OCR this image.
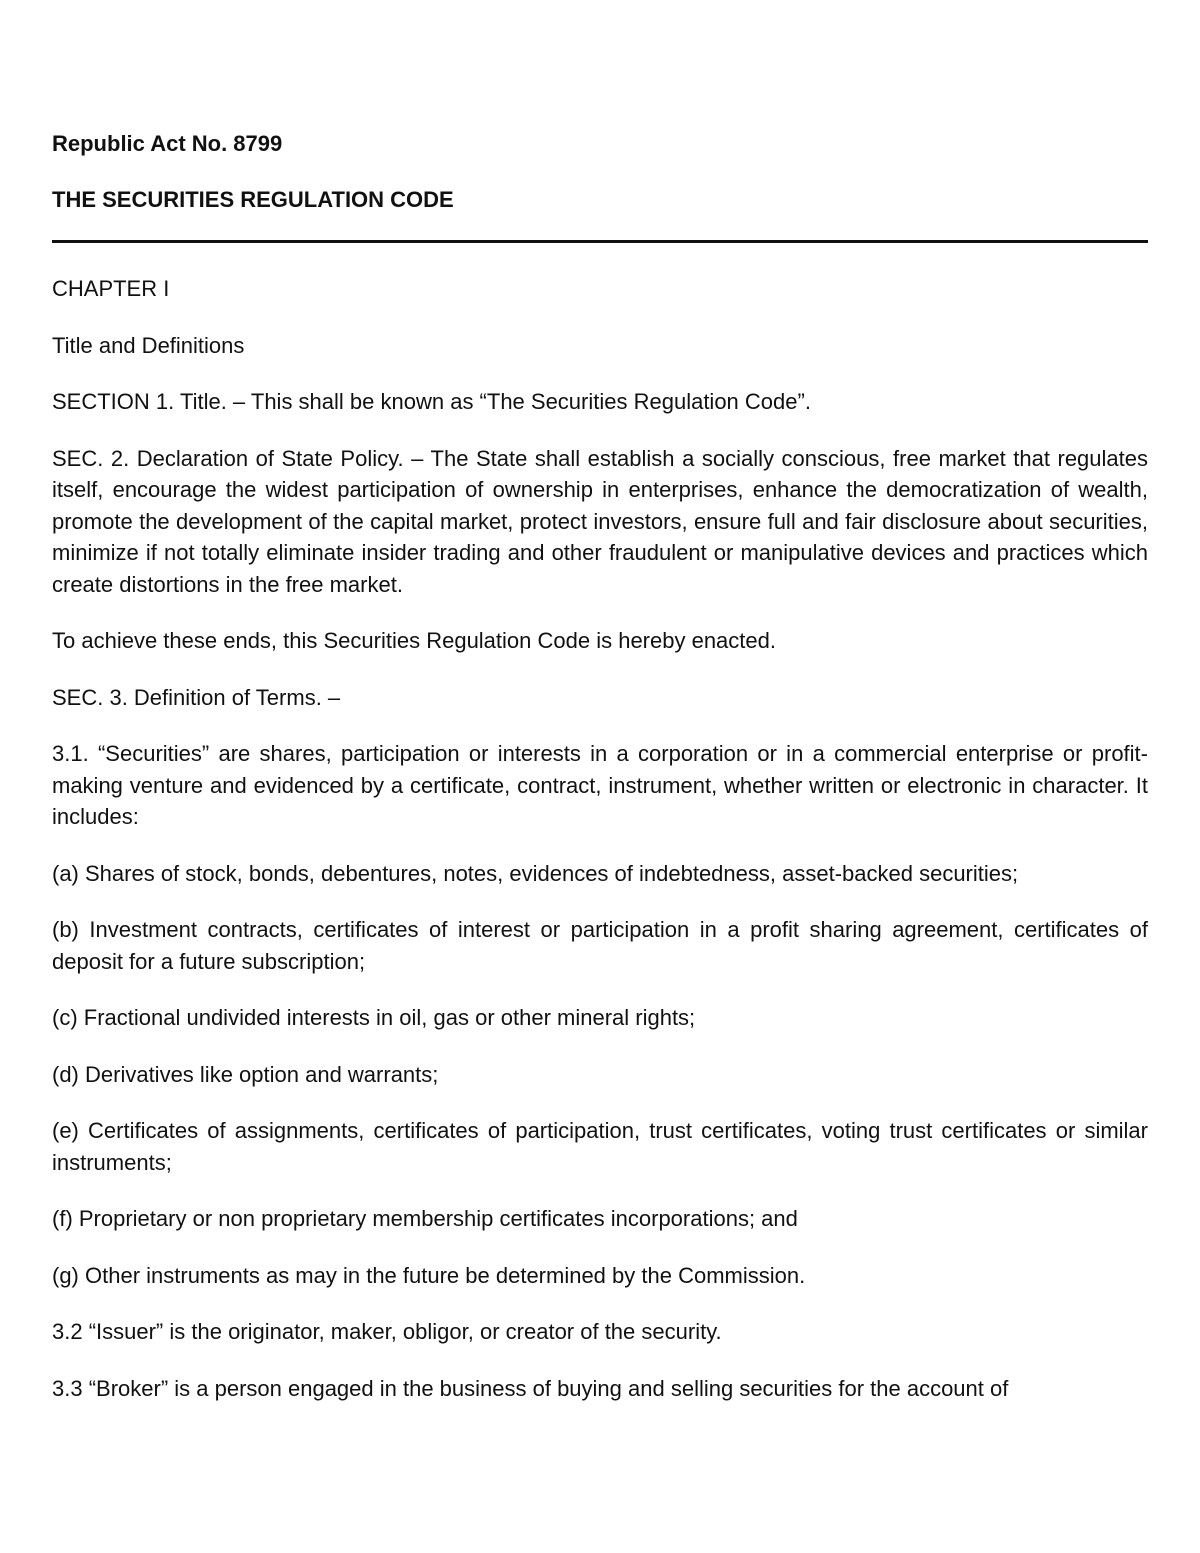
Republic Act No. 8799

THE SECURITIES REGULATION CODE

CHAPTER I

Title and Definitions

SECTION 1. Title. – This shall be known as “The Securities Regulation Code”.

SEC. 2. Declaration of State Policy. – The State shall establish a socially conscious, free market that regulates itself, encourage the widest participation of ownership in enterprises, enhance the democratization of wealth, promote the development of the capital market, protect investors, ensure full and fair disclosure about securities, minimize if not totally eliminate insider trading and other fraudulent or manipulative devices and practices which create distortions in the free market.

To achieve these ends, this Securities Regulation Code is hereby enacted.

SEC. 3. Definition of Terms. –

3.1. “Securities” are shares, participation or interests in a corporation or in a commercial enterprise or profit-making venture and evidenced by a certificate, contract, instrument, whether written or electronic in character. It includes:

(a) Shares of stock, bonds, debentures, notes, evidences of indebtedness, asset-backed securities;

(b) Investment contracts, certificates of interest or participation in a profit sharing agreement, certificates of deposit for a future subscription;

(c) Fractional undivided interests in oil, gas or other mineral rights;

(d) Derivatives like option and warrants;

(e) Certificates of assignments, certificates of participation, trust certificates, voting trust certificates or similar instruments;

(f) Proprietary or non proprietary membership certificates incorporations; and

(g) Other instruments as may in the future be determined by the Commission.

3.2 “Issuer” is the originator, maker, obligor, or creator of the security.

3.3 “Broker” is a person engaged in the business of buying and selling securities for the account of
